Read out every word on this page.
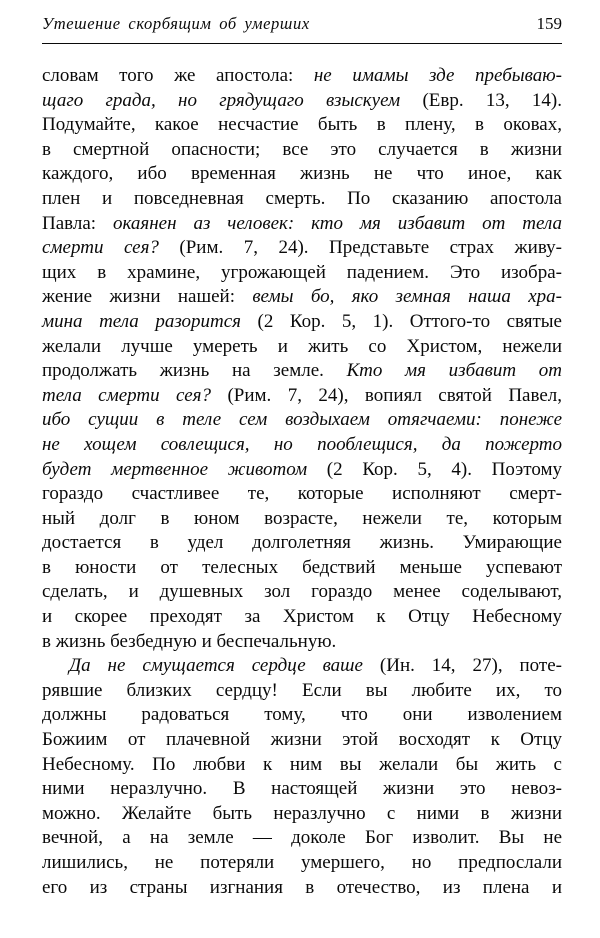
Утешение скорбящим об умерших	159
словам того же апостола: не имамы зде пребываю-
щаго града, но грядущаго взыскуем (Евр. 13, 14).
Подумайте, какое несчастие быть в плену, в оковах,
в смертной опасности; все это случается в жизни
каждого, ибо временная жизнь не что иное, как
плен и повседневная смерть. По сказанию апостола
Павла: окаянен аз человек: кто мя избавит от тела
смерти сея? (Рим. 7, 24). Представьте страх живу-
щих в храмине, угрожающей падением. Это изобра-
жение жизни нашей: вемы бо, яко земная наша хра-
мина тела разорится (2 Кор. 5, 1). Оттого-то святые
желали лучше умереть и жить со Христом, нежели
продолжать жизнь на земле. Кто мя избавит от
тела смерти сея? (Рим. 7, 24), вопиял святой Павел,
ибо сущии в теле сем воздыхаем отягчаеми: понеже
не хощем совлещися, но пооблещися, да пожерто
будет мертвенное животом (2 Кор. 5, 4). Поэтому
гораздо счастливее те, которые исполняют смерт-
ный долг в юном возрасте, нежели те, которым
достается в удел долголетняя жизнь. Умирающие
в юности от телесных бедствий меньше успевают
сделать, и душевных зол гораздо менее соделывают,
и скорее преходят за Христом к Отцу Небесному
в жизнь безбедную и беспечальную.
Да не смущается сердце ваше (Ин. 14, 27), поте-
рявшие близких сердцу! Если вы любите их, то
должны радоваться тому, что они изволением
Божиим от плачевной жизни этой восходят к Отцу
Небесному. По любви к ним вы желали бы жить с
ними неразлучно. В настоящей жизни это невоз-
можно. Желайте быть неразлучно с ними в жизни
вечной, а на земле — доколе Бог изволит. Вы не
лишились, не потеряли умершего, но предпослали
его из страны изгнания в отечество, из плена и
